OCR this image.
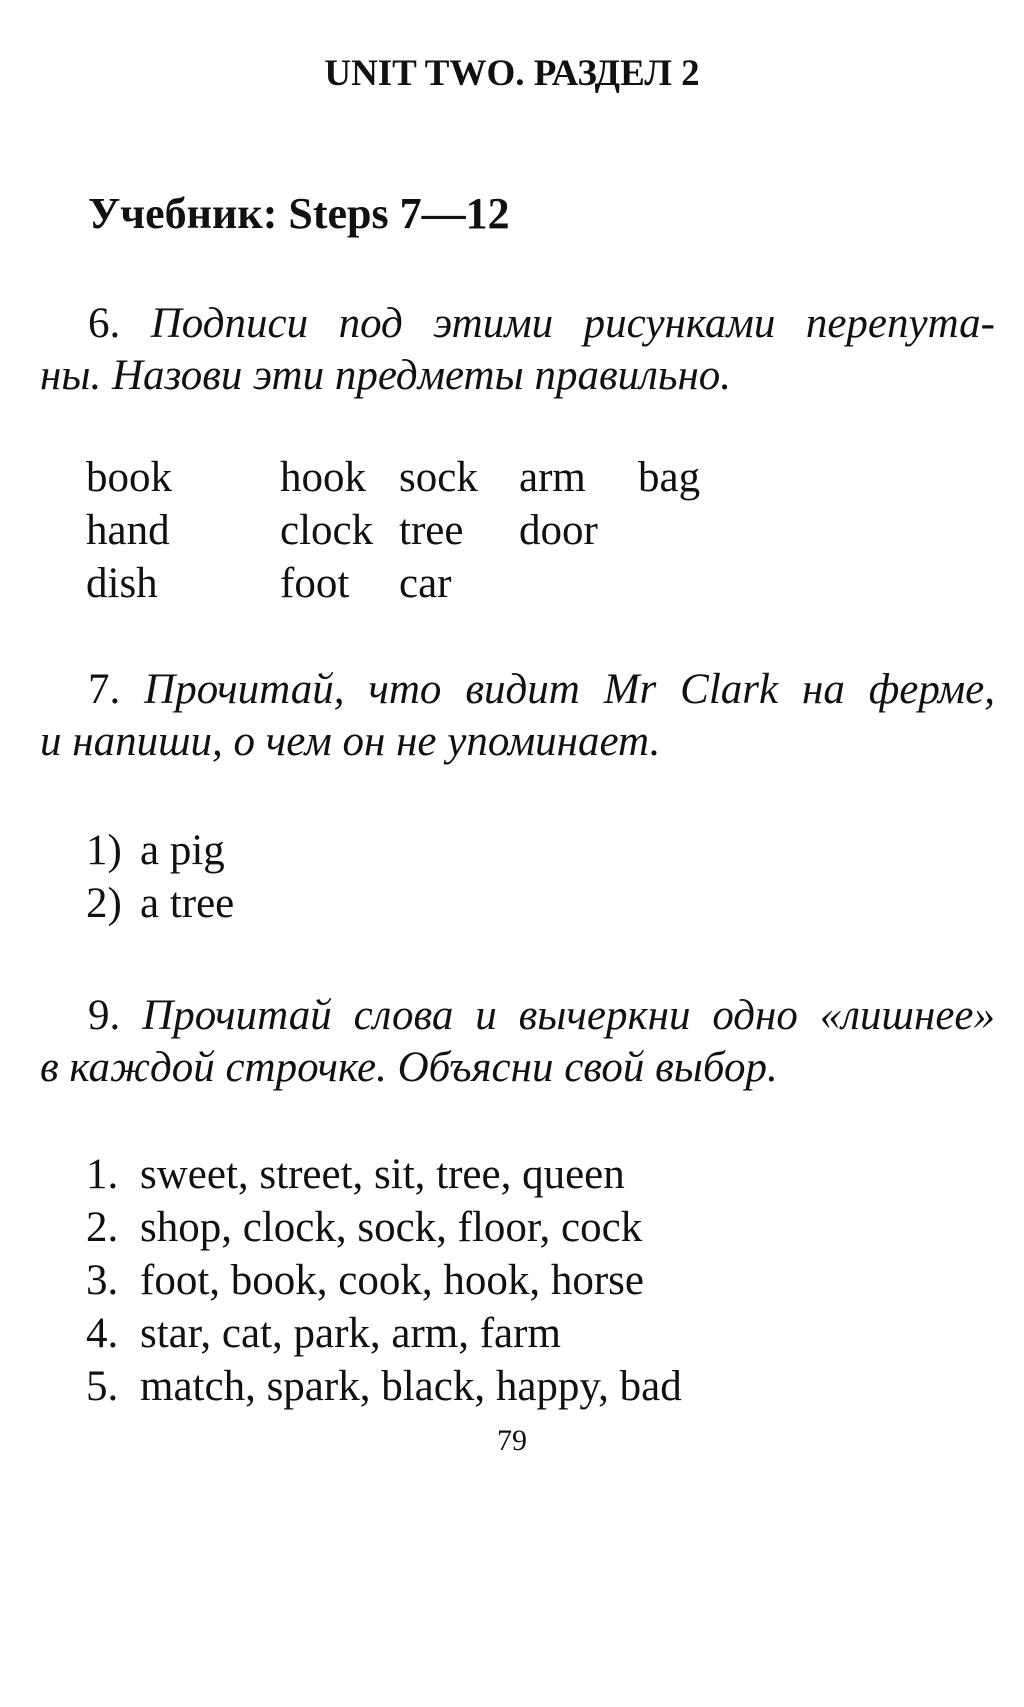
UNIT TWO. РАЗДЕЛ 2
Учебник: Steps 7—12
6. Подписи под этими рисунками перепута-
ны. Назови эти предметы правильно.
book	hook sock arm bag
hand	clock tree door
dish	foot car
7. Прочитай, что видит Mr Clark на ферме,
и напиши, о чем он не упоминает.
1) a pig
2) a tree
9. Прочитай слова и вычеркни одно «лишнее»
в каждой строчке. Объясни свой выбор.
1. sweet, street, sit, tree, queen
2. shop, clock, sock, floor, cock
3. foot, book, cook, hook, horse
4. star, cat, park, arm, farm
5. match, spark, black, happy, bad
79
